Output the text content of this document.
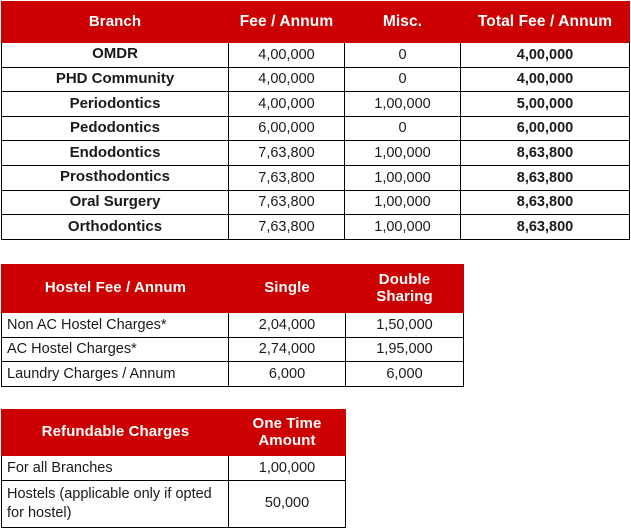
Branch	Fee / Annum	Misc.	Total Fee / Annum
OMDR	4,00,000	0	4,00,000
PHD Community	4,00,000	0	4,00,000
Periodontics	4,00,000	1,00,000	5,00,000
Pedodontics	6,00,000	0	6,00,000
Endodontics	7,63,800	1,00,000	8,63,800
Prosthodontics	7,63,800	1,00,000	8,63,800
Oral Surgery	7,63,800	1,00,000	8,63,800
Orthodontics	7,63,800	1,00,000	8,63,800
Hostel Fee / Annum	Single	Double Sharing
Non AC Hostel Charges*	2,04,000	1,50,000
AC Hostel Charges*	2,74,000	1,95,000
Laundry Charges / Annum	6,000	6,000
Refundable Charges	One Time Amount
For all Branches	1,00,000
Hostels (applicable only if opted for hostel)	50,000
